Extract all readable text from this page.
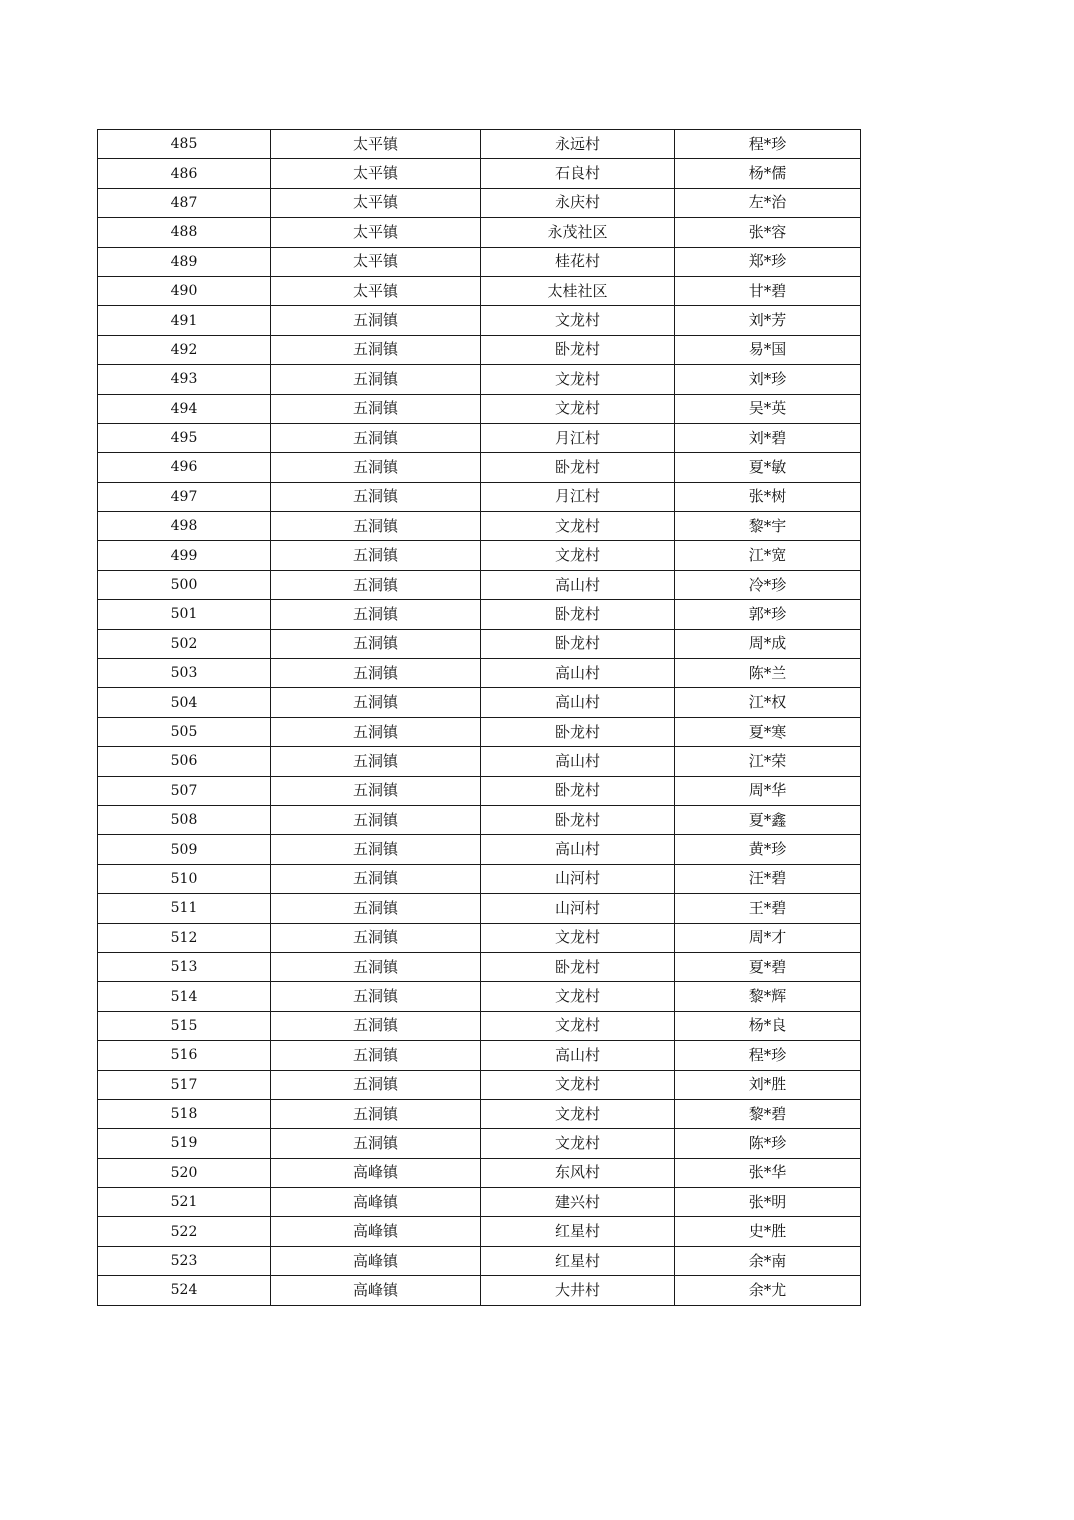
485	太平镇	永远村	程*珍
486	太平镇	石良村	杨*儒
487	太平镇	永庆村	左*治
488	太平镇	永茂社区	张*容
489	太平镇	桂花村	郑*珍
490	太平镇	太桂社区	甘*碧
491	五洞镇	文龙村	刘*芳
492	五洞镇	卧龙村	易*国
493	五洞镇	文龙村	刘*珍
494	五洞镇	文龙村	吴*英
495	五洞镇	月江村	刘*碧
496	五洞镇	卧龙村	夏*敏
497	五洞镇	月江村	张*树
498	五洞镇	文龙村	黎*宇
499	五洞镇	文龙村	江*宽
500	五洞镇	高山村	冷*珍
501	五洞镇	卧龙村	郭*珍
502	五洞镇	卧龙村	周*成
503	五洞镇	高山村	陈*兰
504	五洞镇	高山村	江*权
505	五洞镇	卧龙村	夏*寒
506	五洞镇	高山村	江*荣
507	五洞镇	卧龙村	周*华
508	五洞镇	卧龙村	夏*鑫
509	五洞镇	高山村	黄*珍
510	五洞镇	山河村	汪*碧
511	五洞镇	山河村	王*碧
512	五洞镇	文龙村	周*才
513	五洞镇	卧龙村	夏*碧
514	五洞镇	文龙村	黎*辉
515	五洞镇	文龙村	杨*良
516	五洞镇	高山村	程*珍
517	五洞镇	文龙村	刘*胜
518	五洞镇	文龙村	黎*碧
519	五洞镇	文龙村	陈*珍
520	高峰镇	东风村	张*华
521	高峰镇	建兴村	张*明
522	高峰镇	红星村	史*胜
523	高峰镇	红星村	余*南
524	高峰镇	大井村	余*尤
